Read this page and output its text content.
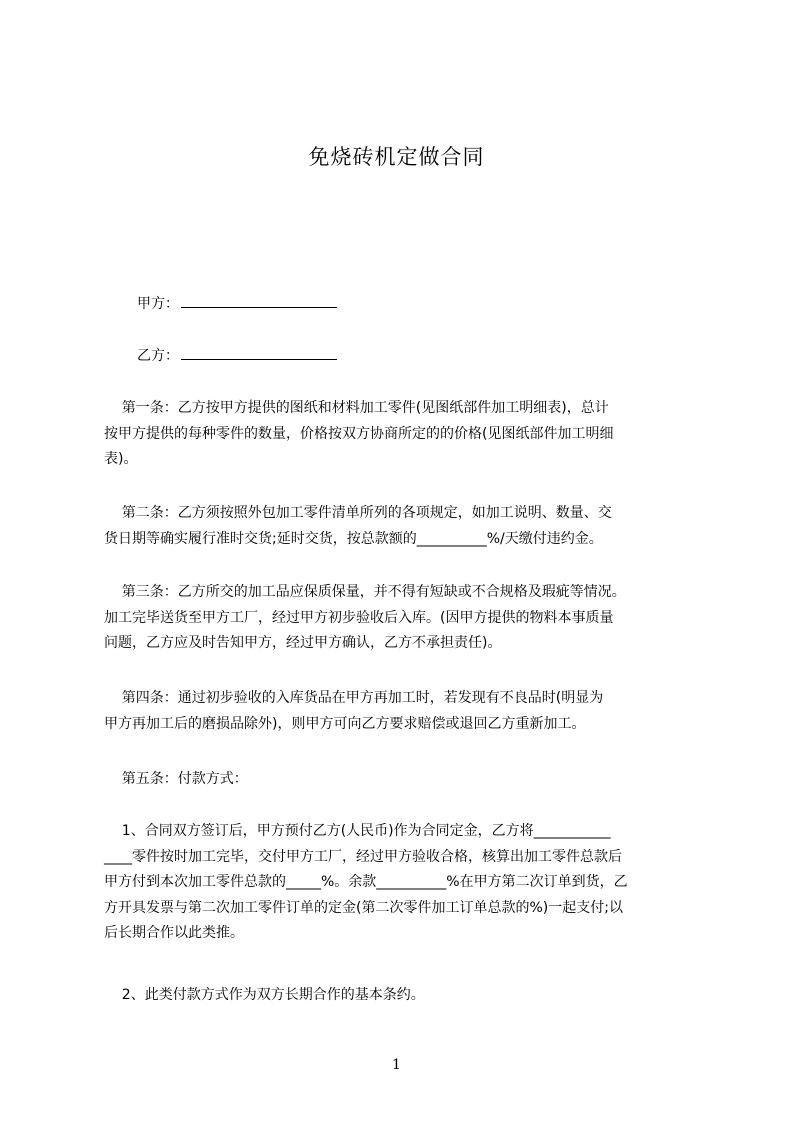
免烧砖机定做合同
甲方：
乙方：
第一条：乙方按甲方提供的图纸和材料加工零件(见图纸部件加工明细表)，总计
按甲方提供的每种零件的数量，价格按双方协商所定的的价格(见图纸部件加工明细
表)。
第二条：乙方须按照外包加工零件清单所列的各项规定，如加工说明、数量、交
货日期等确实履行准时交货;延时交货，按总款额的__________%/天缴付违约金。
第三条：乙方所交的加工品应保质保量，并不得有短缺或不合规格及瑕疵等情况。
加工完毕送货至甲方工厂，经过甲方初步验收后入库。(因甲方提供的物料本事质量
问题，乙方应及时告知甲方，经过甲方确认，乙方不承担责任)。
第四条：通过初步验收的入库货品在甲方再加工时，若发现有不良品时(明显为
甲方再加工后的磨损品除外)，则甲方可向乙方要求赔偿或退回乙方重新加工。
第五条：付款方式：
1、合同双方签订后，甲方预付乙方(人民币)作为合同定金，乙方将___________
____零件按时加工完毕，交付甲方工厂，经过甲方验收合格，核算出加工零件总款后
甲方付到本次加工零件总款的_____%。余款__________%在甲方第二次订单到货，乙
方开具发票与第二次加工零件订单的定金(第二次零件加工订单总款的%)一起支付;以
后长期合作以此类推。
2、此类付款方式作为双方长期合作的基本条约。
1
